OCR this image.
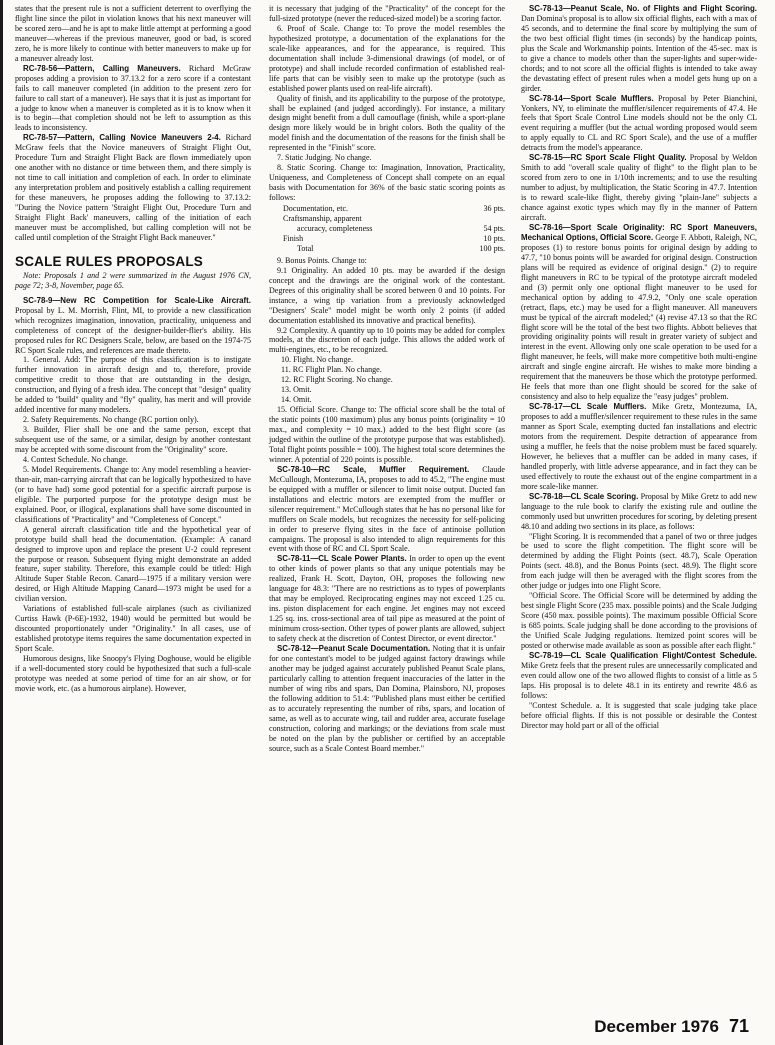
states that the present rule is not a sufficient deterrent to overflying the flight line since the pilot in violation knows that his next maneuver will be scored zero—and he is apt to make little attempt at performing a good maneuver—whereas if the previous maneuver, good or bad, is scored zero, he is more likely to continue with better maneuvers to make up for a maneuver already lost.

RC-78-56—Pattern, Calling Maneuvers. Richard McGraw proposes adding a provision to 37.13.2 for a zero score if a contestant fails to call maneuver completed (in addition to the present zero for failure to call start of a maneuver). He says that it is just as important for a judge to know when a maneuver is completed as it is to know when it is to begin—that completion should not be left to assumption as this leads to inconsistency.

RC-78-57—Pattern, Calling Novice Maneuvers 2-4. Richard McGraw feels that the Novice maneuvers of Straight Flight Out, Procedure Turn and Straight Flight Back are flown immediately upon one another with no distance or time between them, and there simply is not time to call initiation and completion of each. In order to eliminate any interpretation problem and positively establish a calling requirement for these maneuvers, he proposes adding the following to 37.13.2: "During the Novice pattern 'Straight Flight Out, Procedure Turn and Straight Flight Back' maneuvers, calling of the initiation of each maneuver must be accomplished, but calling completion will not be called until completion of the Straight Flight Back maneuver."

SCALE RULES PROPOSALS

Note: Proposals 1 and 2 were summarized in the August 1976 CN, page 72; 3-8, November, page 65.

SC-78-9—New RC Competition for Scale-Like Aircraft. Proposal by L. M. Morrish, Flint, MI, to provide a new classification which recognizes imagination, innovation, practicality, uniqueness and completeness of concept of the designer-builder-flier's ability. His proposed rules for RC Designers Scale, below, are based on the 1974-75 RC Sport Scale rules, and references are made thereto.

1. General. Add: The purpose of this classification is to instigate further innovation in aircraft design and to, therefore, provide competitive credit to those that are outstanding in the design, construction, and flying of a fresh idea. The concept that "design" quality be added to "build" quality and "fly" quality, has merit and will provide added incentive for many modelers.

2. Safety Requirements. No change (RC portion only).

3. Builder, Flier shall be one and the same person, except that subsequent use of the same, or a similar, design by another contestant may be accepted with some discount from the "Originality" score.

4. Contest Schedule. No change.

5. Model Requirements. Change to: Any model resembling a heavier-than-air, man-carrying aircraft that can be logically hypothesized to have (or to have had) some good potential for a specific aircraft purpose is eligible. The purported purpose for the prototype design must be explained. Poor, or illogical, explanations shall have some discounted in classifications of "Practicality" and "Completeness of Concept."

A general aircraft classification title and the hypothetical year of prototype build shall head the documentation. (Example: A canard designed to improve upon and replace the present U-2 could represent the purpose or reason. Subsequent flying might demonstrate an added feature, super stability. Therefore, this example could be titled: High Altitude Super Stable Recon. Canard—1975 if a military version were desired, or High Altitude Mapping Canard—1973 might be used for a civilian version.

Variations of established full-scale airplanes (such as civilianized Curtiss Hawk (P-6E)-1932, 1940) would be permitted but would be discounted proportionately under "Originality." In all cases, use of established prototype items requires the same documentation expected in Sport Scale.

Humorous designs, like Snoopy's Flying Doghouse, would be eligible if a well-documented story could be hypothesized that such a full-scale prototype was needed at some period of time for an air show, or for movie work, etc. (as a humorous airplane). However,

it is necessary that judging of the "Practicality" of the concept for the full-sized prototype (never the reduced-sized model) be a scoring factor.

6. Proof of Scale. Change to: To prove the model resembles the hypothesized prototype, a documentation of the explanations for the scale-like appearances, and for the appearance, is required. This documentation shall include 3-dimensional drawings (of model, or of prototype) and shall include recorded confirmation of established real-life parts that can be visibly seen to make up the prototype (such as established power plants used on real-life aircraft).

Quality of finish, and its applicability to the purpose of the prototype, shall be explained (and judged accordingly). For instance, a military design might benefit from a dull camouflage (finish, while a sport-plane design more likely would be in bright colors. Both the quality of the model finish and the documentation of the reasons for the finish shall be represented in the "Finish" score.

7. Static Judging. No change.

8. Static Scoring. Change to: Imagination, Innovation, Practicality, Uniqueness, and Completeness of Concept shall compete on an equal basis with Documentation for 36% of the basic static scoring points as follows:

Documentation, etc.	36 pts.
Craftsmanship, apparent	
accuracy, completeness	54 pts.
Finish	10 pts.
Total	100 pts.

9. Bonus Points. Change to:

9.1 Originality. An added 10 pts. may be awarded if the design concept and the drawings are the original work of the contestant. Degrees of this originality shall be scored between 0 and 10 points. For instance, a wing tip variation from a previously acknowledged "Designers' Scale" model might be worth only 2 points (if added documentation established its innovative and practical benefits).

9.2 Complexity. A quantity up to 10 points may be added for complex models, at the discretion of each judge. This allows the added work of multi-engines, etc., to be recognized.

10. Flight. No change.

11. RC Flight Plan. No change.

12. RC Flight Scoring. No change.

13. Omit.

14. Omit.

15. Official Score. Change to: The official score shall be the total of the static points (100 maximum) plus any bonus points (originality = 10 max., and complexity = 10 max.) added to the best flight score (as judged within the outline of the prototype purpose that was established). Total flight points possible = 100). The highest total score determines the winner. A potential of 220 points is possible.

SC-78-10—RC Scale, Muffler Requirement. Claude McCullough, Montezuma, IA, proposes to add to 45.2, "The engine must be equipped with a muffler or silencer to limit noise output. Ducted fan installations and electric motors are exempted from the muffler or silencer requirement." McCullough states that he has no personal like for mufflers on Scale models, but recognizes the necessity for self-policing in order to preserve flying sites in the face of antinoise pollution campaigns. The proposal is also intended to align requirements for this event with those of RC and CL Sport Scale.

SC-78-11—CL Scale Power Plants. In order to open up the event to other kinds of power plants so that any unique potentials may be realized, Frank H. Scott, Dayton, OH, proposes the following new language for 48.3: "There are no restrictions as to types of powerplants that may be employed. Reciprocating engines may not exceed 1.25 cu. ins. piston displacement for each engine. Jet engines may not exceed 1.25 sq. ins. cross-sectional area of tail pipe as measured at the point of minimum cross-section. Other types of power plants are allowed, subject to safety check at the discretion of Contest Director, or event director."

SC-78-12—Peanut Scale Documentation. Noting that it is unfair for one contestant's model to be judged against factory drawings while another may be judged against accurately published Peanut Scale plans, particularly calling to attention frequent inaccuracies of the latter in the number of wing ribs and spars, Dan Domina, Plainsboro, NJ, proposes the following addition to 51.4: "Published plans must either be certified as to accurately representing the number of ribs, spars, and location of same, as well as to accurate wing, tail and rudder area, accurate fuselage construction, coloring and markings; or the deviations from scale must be noted on the plan by the publisher or certified by an acceptable source, such as a Scale Contest Board member."

SC-78-13—Peanut Scale, No. of Flights and Flight Scoring. Dan Domina's proposal is to allow six official flights, each with a max of 45 seconds, and to determine the final score by multiplying the sum of the two best official flight times (in seconds) by the handicap points, plus the Scale and Workmanship points. Intention of the 45-sec. max is to give a chance to models other than the super-lights and super-wide-chords; and to not score all the official flights is intended to take away the devastating effect of present rules when a model gets hung up on a girder.

SC-78-14—Sport Scale Mufflers. Proposal by Peter Bianchini, Yonkers, NY, to eliminate the muffler/silencer requirements of 47.4. He feels that Sport Scale Control Line models should not be the only CL event requiring a muffler (but the actual wording proposed would seem to apply equally to CL and RC Sport Scale), and the use of a muffler detracts from the model's appearance.

SC-78-15—RC Sport Scale Flight Quality. Proposal by Weldon Smith to add "overall scale quality of flight" to the flight plan to be scored from zero to one in 1/10th increments; and to use the resulting number to adjust, by multiplication, the Static Scoring in 47.7. Intention is to reward scale-like flight, thereby giving "plain-Jane" subjects a chance against exotic types which may fly in the manner of Pattern aircraft.

SC-78-16—Sport Scale Originality: RC Sport Maneuvers, Mechanical Options, Official Score. George F. Abbott, Raleigh, NC, proposes (1) to restore bonus points for original design by adding to 47.7, "10 bonus points will be awarded for original design. Construction plans will be required as evidence of original design." (2) to require flight maneuvers in RC to be typical of the prototype aircraft modeled and (3) permit only one optional flight maneuver to be used for mechanical option by adding to 47.9.2, "Only one scale operation (retract, flaps, etc.) may be used for a flight maneuver. All maneuvers must be typical of the aircraft modeled;" (4) revise 47.13 so that the RC flight score will be the total of the best two flights. Abbott believes that providing originality points will result in greater variety of subject and interest in the event. Allowing only one scale operation to be used for a flight maneuver, he feels, will make more competitive both multi-engine aircraft and single engine aircraft. He wishes to make more binding a requirement that the maneuvers be those which the prototype performed. He feels that more than one flight should be scored for the sake of consistency and also to help equalize the "easy judges" problem.

SC-78-17—CL Scale Mufflers. Mike Gretz, Montezuma, IA, proposes to add a muffler/silencer requirement to these rules in the same manner as Sport Scale, exempting ducted fan installations and electric motors from the requirement. Despite detraction of appearance from using a muffler, he feels that the noise problem must be faced squarely. However, he believes that a muffler can be added in many cases, if handled properly, with little adverse appearance, and in fact they can be used effectively to route the exhaust out of the engine compartment in a more scale-like manner.

SC-78-18—CL Scale Scoring. Proposal by Mike Gretz to add new language to the rule book to clarify the existing rule and outline the commonly used but unwritten procedures for scoring, by deleting present 48.10 and adding two sections in its place, as follows:

"Flight Scoring. It is recommended that a panel of two or three judges be used to score the flight competition. The flight score will be determined by adding the Flight Points (sect. 48.7), Scale Operation Points (sect. 48.8), and the Bonus Points (sect. 48.9). The flight score from each judge will then be averaged with the flight scores from the other judge or judges into one Flight Score.

"Official Score. The Official Score will be determined by adding the best single Flight Score (235 max. possible points) and the Scale Judging Score (450 max. possible points). The maximum possible Official Score is 685 points. Scale judging shall be done according to the provisions of the Unified Scale Judging regulations. Itemized point scores will be posted or otherwise made available as soon as possible after each flight."

SC-78-19—CL Scale Qualification Flight/Contest Schedule. Mike Gretz feels that the present rules are unnecessarily complicated and even could allow one of the two allowed flights to consist of a little as 5 laps. His proposal is to delete 48.1 in its entirety and rewrite 48.6 as follows:

"Contest Schedule. a. It is suggested that scale judging take place before official flights. If this is not possible or desirable the Contest Director may hold part or all of the official

December 1976 71
